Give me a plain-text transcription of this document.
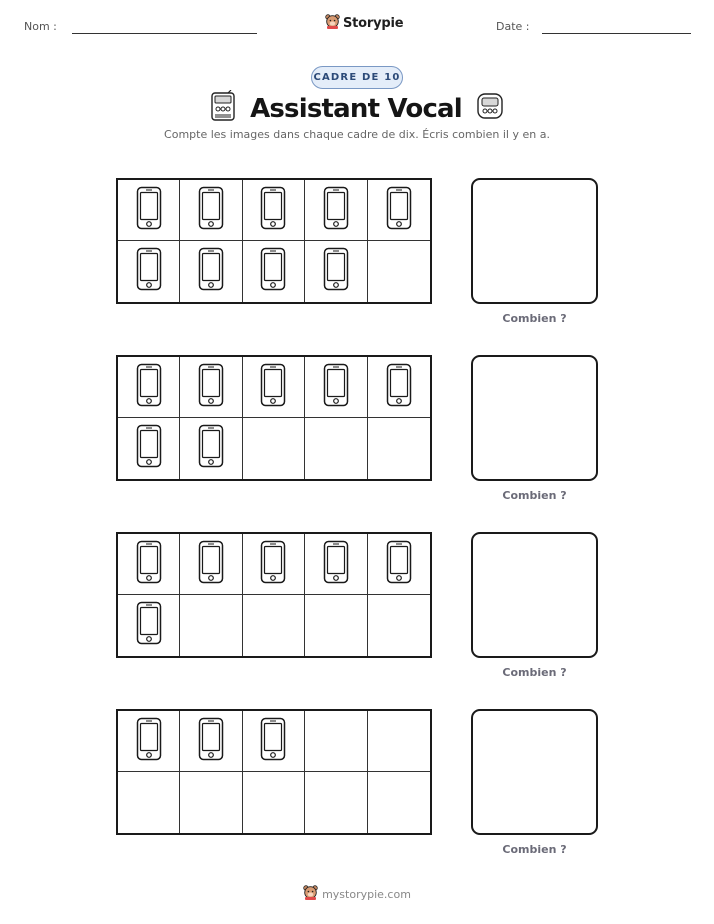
Nom :	Storypie	Date :
CADRE DE 10
Assistant Vocal
Compte les images dans chaque cadre de dix. Écris combien il y en a.
Combien ?
Combien ?
Combien ?
Combien ?
mystorypie.com
